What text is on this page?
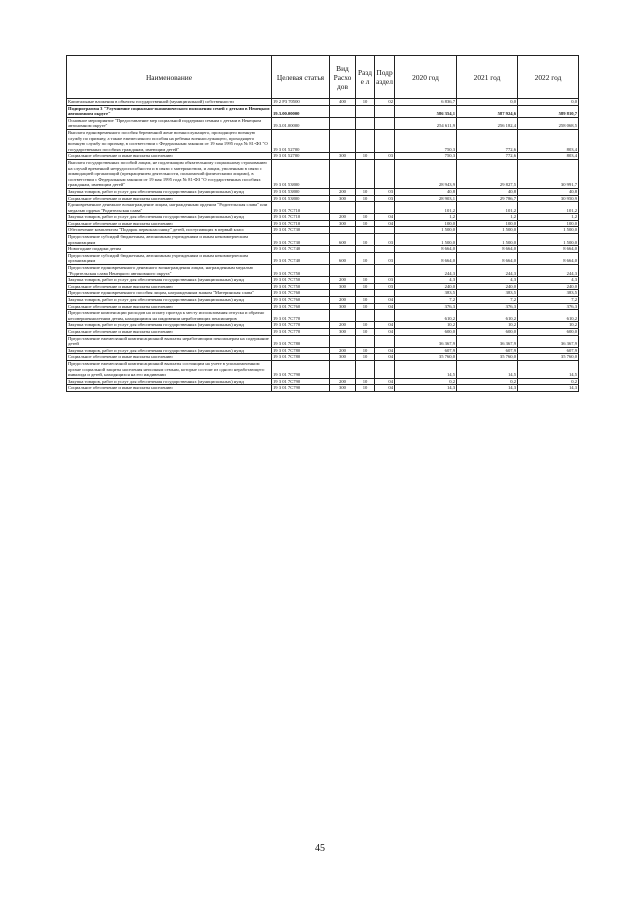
Наименование	Целевая статья	Вид Расхо дов	Разде л	Подр аздел	2020 год	2021 год	2022 год
Капитальные вложения в объекты государственной (муниципальной) собственности	19 2 P3 70500	400	10	02	6 836,7	0,0	0,0
Подпрограмма 3 "Улучшение социально-экономического положения семей с детьми в Ненецком автономном округе"	19.3.00.00000				586 354,1	587 924,6	589 810,7
Основное мероприятие "Предоставление мер социальной поддержки семьям с детьми в Ненецком автономном округе"	19.3.01.00000				254 611,9	256 182,4	258 068,5
Выплата единовременного пособия беременной жене военнослужащего, проходящего военную службу по призыву, а также ежемесячного пособия на ребенка военнослужащего, проходящего военную службу по призыву, в соответствии с Федеральным законом от 19 мая 1995 года № 81-ФЗ "О государственных пособиях гражданам, имеющим детей"	19 3 01 52700				750,3	772,6	803,4
Социальное обеспечение и иные выплаты населению	19 3 01 52700	300	10	03	750,3	772,6	803,4
Выплата государственных пособий лицам, не подлежащим обязательному социальному страхованию на случай временной нетрудоспособности и в связи с материнством, и лицам, уволенным в связи с ликвидацией организаций (прекращением деятельности, полномочий физическими лицами), в соответствии с Федеральным законом от 19 мая 1995 года № 81-ФЗ "О государственных пособиях гражданам, имеющим детей"	19 3 01 53800				28 943,9	29 827,5	30 991,7
Закупка товаров, работ и услуг для обеспечения государственных (муниципальных) нужд	19 3 01 53800	200	10	03	40,8	40,8	40,8
Социальное обеспечение и иные выплаты населению	19 3 01 53800	300	10	03	28 903,1	29 786,7	30 950,9
Единовременное денежное вознаграждение лицам, награжденным орденом "Родительская слава" или медалью ордена "Родительская слава"	19 3 01 7С710				101,2	101,2	101,2
Закупка товаров, работ и услуг для обеспечения государственных (муниципальных) нужд	19 3 01 7С710	200	10	04	1,2	1,2	1,2
Социальное обеспечение и иные выплаты населению	19 3 01 7С710	300	10	04	100,0	100,0	100,0
Обеспечение комплектом "Подарок первокласснику" детей, поступающих в первый класс	19 3 01 7С730				1 500,0	1 500,0	1 500,0
Предоставление субсидий бюджетным, автономным учреждениям и иным некоммерческим организациям	19 3 01 7С730	600	10	03	1 500,0	1 500,0	1 500,0
Новогодние подарки детям	19 3 01 7С740				8 664,0	8 664,0	8 664,0
Предоставление субсидий бюджетным, автономным учреждениям и иным некоммерческим организациям	19 3 01 7С740	600	10	03	8 664,0	8 664,0	8 664,0
Предоставление единовременного денежного вознаграждения лицам, награжденным медалью "Родительская слава Ненецкого автономного округа"	19 3 01 7С750				244,3	244,3	244,3
Закупка товаров, работ и услуг для обеспечения государственных (муниципальных) нужд	19 3 01 7С750	200	10	03	4,3	4,3	4,3
Социальное обеспечение и иные выплаты населению	19 3 01 7С750	300	10	03	240,0	240,0	240,0
Предоставление единовременного пособия лицам, награжденным знаком "Материнская слава"	19 3 01 7С760				383,5	383,5	383,5
Закупка товаров, работ и услуг для обеспечения государственных (муниципальных) нужд	19 3 01 7С760	200	10	04	7,2	7,2	7,2
Социальное обеспечение и иные выплаты населению	19 3 01 7С760	300	10	04	376,3	376,3	376,3
Предоставление компенсации расходов на оплату проезда к месту использования отпуска и обратно несовершеннолетним детям, находящимся на иждивении неработающих пенсионеров	19 3 01 7С770				610,2	610,2	610,2
Закупка товаров, работ и услуг для обеспечения государственных (муниципальных) нужд	19 3 01 7С770	200	10	04	10,2	10,2	10,2
Социальное обеспечение и иные выплаты населению	19 3 01 7С770	300	10	04	600,0	600,0	600,0
Предоставление ежемесячной компенсационной выплаты неработающим пенсионерам на содержание детей	19 3 01 7С780				36 367,9	36 367,9	36 367,9
Закупка товаров, работ и услуг для обеспечения государственных (муниципальных) нужд	19 3 01 7С780	200	10	04	607,9	607,9	607,9
Социальное обеспечение и иные выплаты населению	19 3 01 7С780	300	10	04	35 760,0	35 760,0	35 760,0
Предоставление ежемесячной компенсационной выплаты состоящим на учете в уполномоченном органе социальной защиты населения неполным семьям, которые состоят из одного неработающего инвалида и детей, находящихся на его иждивении	19 3 01 7С790				14,5	14,5	14,5
Закупка товаров, работ и услуг для обеспечения государственных (муниципальных) нужд	19 3 01 7С790	200	10	04	0,2	0,2	0,2
Социальное обеспечение и иные выплаты населению	19 3 01 7С790	300	10	04	14,3	14,3	14,3
45
